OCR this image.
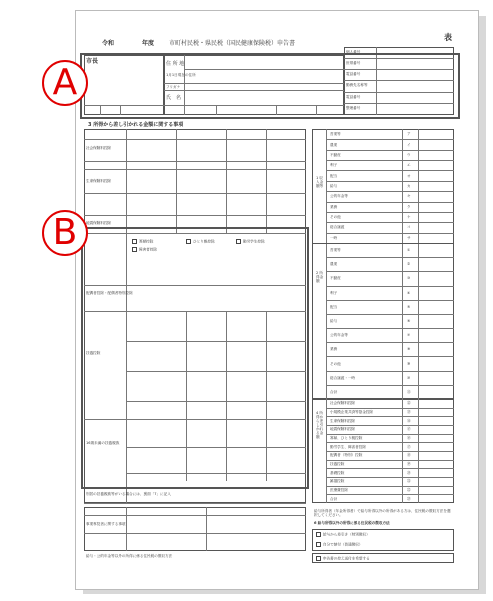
令和	年度 市町村民税・県民税（国民健康保険税）申告書
表
市長	住 所 地
1月1日現在の住所
フリガナ
氏　名
個人番号
世帯番号
電話番号
勤務先名称等
電話番号
整理番号
3 所得から差し引かれる金額に関する事項
社会保険料控除
生命保険料控除
地震保険料控除
寡婦控除	ひとり親控除	勤労学生控除
障害者控除
配偶者控除・配偶者特別控除
扶養控除
16歳未満の扶養親族
別居の扶養親族等がいる場合には、裏面「7」に記入
事業専従者に関する事項
給与・公的年金等以外の所得に係る住民税の徴収方法
1 収入金額等
2 所得金額
4 所得から差し引かれる金額
給与所得者（年金所得者）で給与所得以外の所得がある方は、住民税の徴収方法を選択してください。
6 給与所得以外の所得に係る住民税の徴収方法
給与から差引き（特別徴収）
自分で納付（普通徴収）
申告書の控え送付を希望する
営業等	ア
農業	イ
不動産	ウ
利子	エ
配当	オ
給与	カ
公的年金等	キ
業務	ク
その他	ケ
総合譲渡	コ
一時	サ
営業等	①
農業	②
不動産	③
利子	④
配当	⑤
給与	⑥
公的年金等	⑦
業務	⑧
その他	⑨
総合譲渡・一時	⑩
合計	⑪
社会保険料控除	⑫
小規模企業共済等掛金控除	⑬
生命保険料控除	⑭
地震保険料控除	⑮
寡婦、ひとり親控除	⑯
勤労学生、障害者控除	⑰
配偶者（特別）控除	⑱
扶養控除	⑲
基礎控除	⑳
雑損控除	㉑
医療費控除	㉒
合計	㉓
A
B
